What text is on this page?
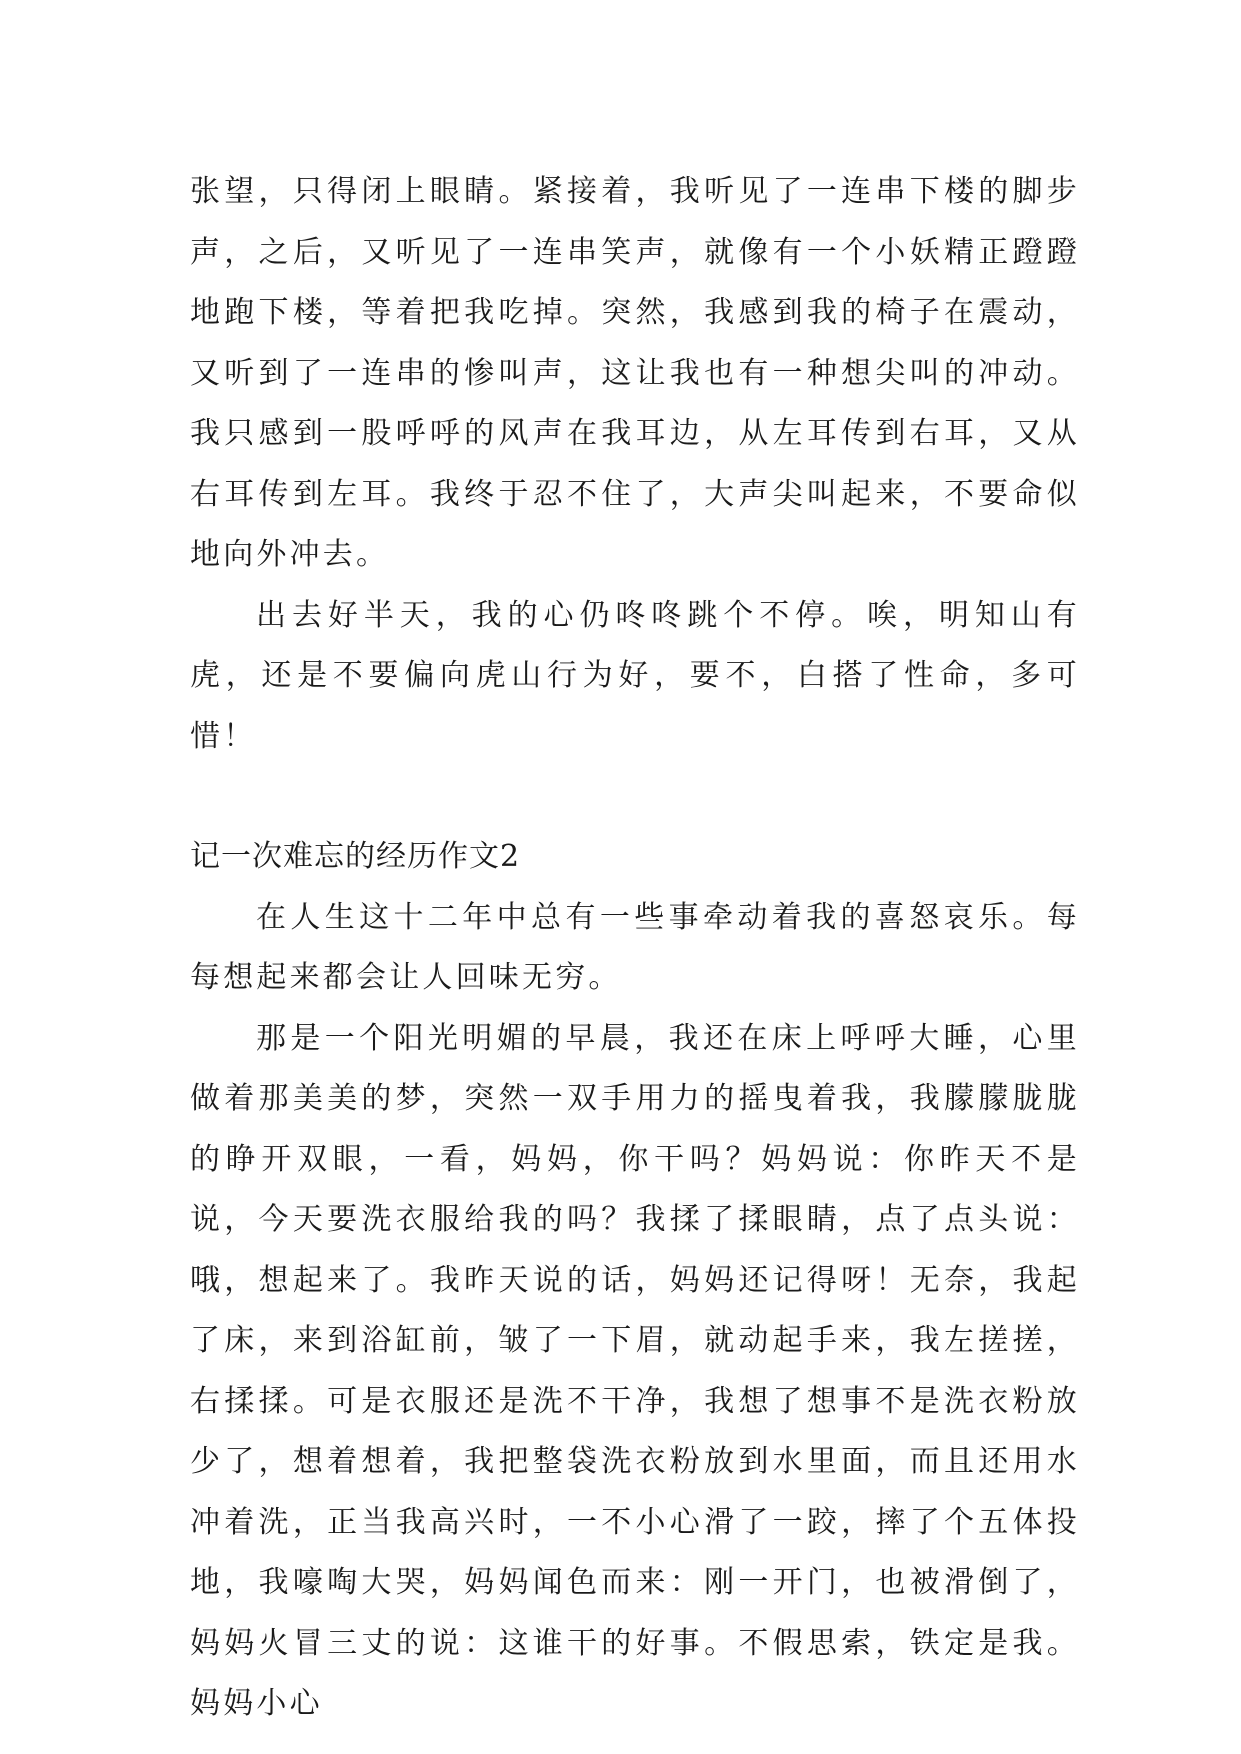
张望，只得闭上眼睛。紧接着，我听见了一连串下楼的脚步声，之后，又听见了一连串笑声，就像有一个小妖精正蹬蹬地跑下楼，等着把我吃掉。突然，我感到我的椅子在震动，又听到了一连串的惨叫声，这让我也有一种想尖叫的冲动。我只感到一股呼呼的风声在我耳边，从左耳传到右耳，又从右耳传到左耳。我终于忍不住了，大声尖叫起来，不要命似地向外冲去。

出去好半天，我的心仍咚咚跳个不停。唉，明知山有虎，还是不要偏向虎山行为好，要不，白搭了性命，多可惜！

记一次难忘的经历作文2

在人生这十二年中总有一些事牵动着我的喜怒哀乐。每每想起来都会让人回味无穷。

那是一个阳光明媚的早晨，我还在床上呼呼大睡，心里做着那美美的梦，突然一双手用力的摇曳着我，我朦朦胧胧的睁开双眼，一看，妈妈，你干吗？妈妈说：你昨天不是说，今天要洗衣服给我的吗？我揉了揉眼睛，点了点头说：哦，想起来了。我昨天说的话，妈妈还记得呀！无奈，我起了床，来到浴缸前，皱了一下眉，就动起手来，我左搓搓，右揉揉。可是衣服还是洗不干净，我想了想事不是洗衣粉放少了，想着想着，我把整袋洗衣粉放到水里面，而且还用水冲着洗，正当我高兴时，一不小心滑了一跤，摔了个五体投地，我嚎啕大哭，妈妈闻色而来：刚一开门，也被滑倒了，妈妈火冒三丈的说：这谁干的好事。不假思索，铁定是我。妈妈小心
